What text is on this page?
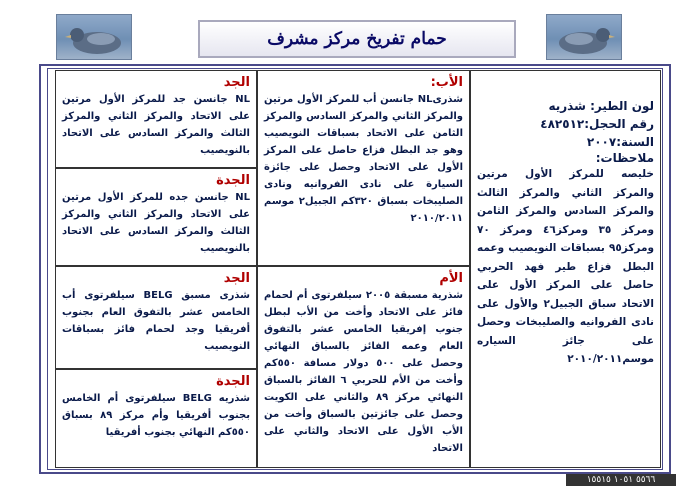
حمام تفريخ مركز مشرف
لون الطير: شذريه
رقم الحجل:٤٨٢٥١٢
السنة:٢٠٠٧
ملاحظات:
خليصه للمركز الأول مرتين والمركز الثاني والمركز الثالث والمركز السادس والمركز الثامن ومركز ٣٥ ومركز٤٦ ومركز ٧٠ ومركز٩٥ بسباقات النويصيب وعمه البطل فزاع طير فهد الحربي حاصل على المركز الأول على الاتحاد سباق الجبيل٢ والأول على نادى الفروانيه والصليبخات وحصل على جائز السياره موسم٢٠١٠/٢٠١١
الأب:
شذرىNL جانسن أب للمركز الأول مرتين والمركز الثاني والمركز السادس والمركز الثامن على الاتحاد بسباقات النويصيب وهو جد البطل فزاع حاصل على المركز الأول على الاتحاد وحصل على جائزة السيارة على نادى الفروانيه ونادى الصليبخات بسباق ٣٢٠كم الجبيل٢ موسم ٢٠١٠/٢٠١١
الأم
شذرية مسبقة ٢٠٠٥ سيلفرتوى أم لحمام فائز على الاتحاد وأخت من الأب لبطل جنوب إفريقيا الخامس عشر بالتفوق العام وعمه الفائز بالسباق النهائي وحصل على ٥٠٠ دولار مسافة ٥٥٠كم وأخت من الأم للحربي ٦ الفائز بالسباق النهائي مركز ٨٩ والثاني على الكويت وحصل على جائزتين بالسباق وأخت من الأب الأول على الاتحاد والثاني على الاتحاد
الجد
NL جانسن جد للمركز الأول مرتين على الاتحاد والمركز الثاني والمركز الثالث والمركز السادس على الاتحاد بالنويصيب
الجدة
NL جانسن جده للمركز الأول مرتين على الاتحاد والمركز الثاني والمركز الثالث والمركز السادس على الاتحاد بالنويصيب
الجد
شذرى مسبق BELG سيلفرتوى أب الخامس عشر بالتفوق العام بجنوب أفريقيا وجد لحمام فائز بسباقات النويصيب
الجدة
شذريه BELG سيلفرتوى أم الخامس بجنوب أفريقيا وأم مركز ٨٩ بسباق ٥٥٠كم النهائي بجنوب أفريقيا
٥٥٦٦ ١٠٥١ ١٥٥١٥
